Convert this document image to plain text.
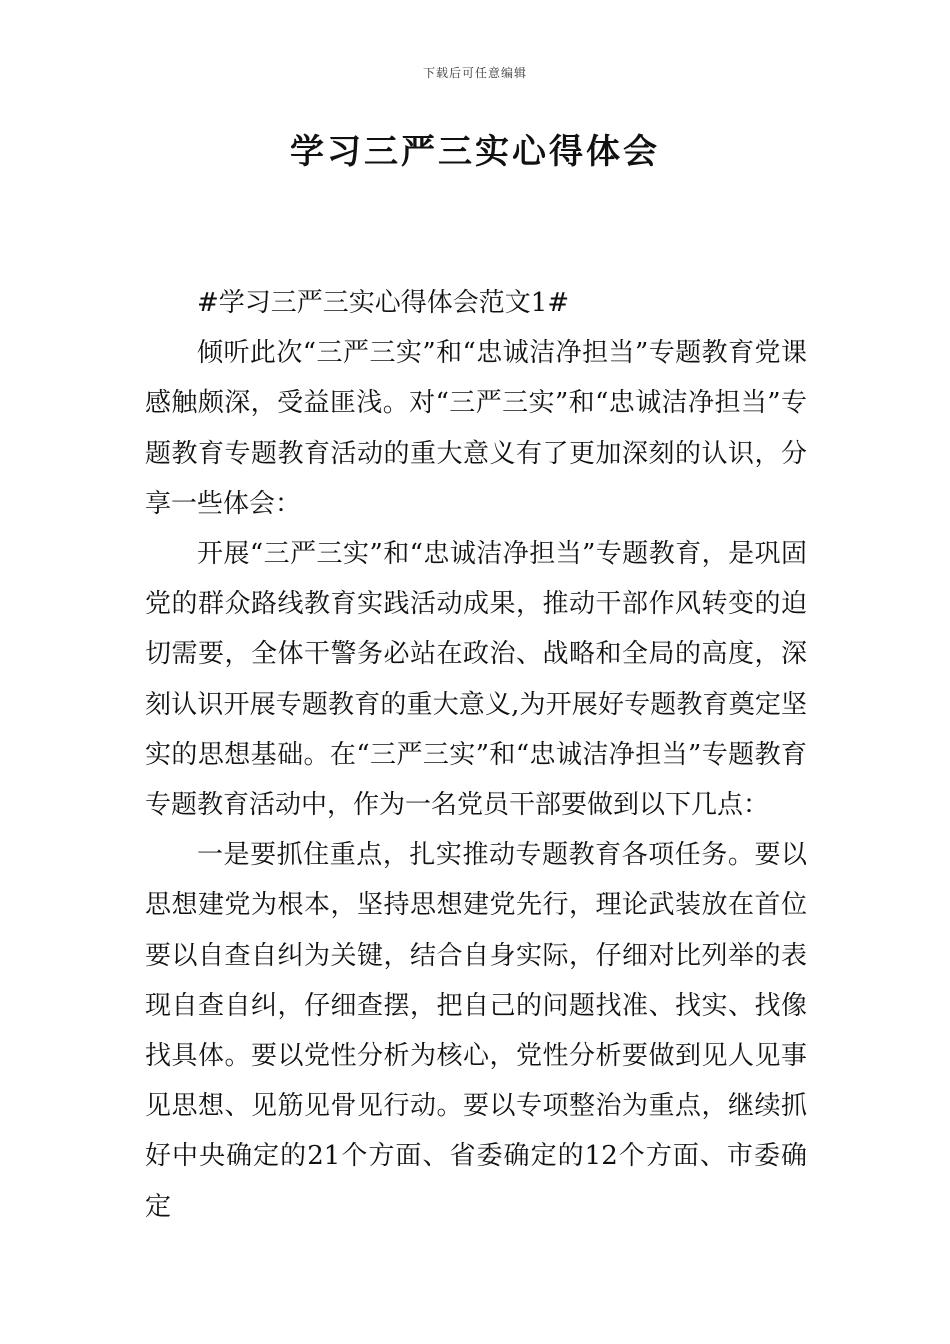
下载后可任意编辑
学习三严三实心得体会

#学习三严三实心得体会范文1#

倾听此次“三严三实”和“忠诚洁净担当”专题教育党课感触颇深，受益匪浅。对“三严三实”和“忠诚洁净担当”专题教育专题教育活动的重大意义有了更加深刻的认识，分享一些体会：

开展“三严三实”和“忠诚洁净担当”专题教育，是巩固党的群众路线教育实践活动成果，推动干部作风转变的迫切需要，全体干警务必站在政治、战略和全局的高度，深刻认识开展专题教育的重大意义,为开展好专题教育奠定坚实的思想基础。在“三严三实”和“忠诚洁净担当”专题教育专题教育活动中，作为一名党员干部要做到以下几点：

一是要抓住重点，扎实推动专题教育各项任务。要以思想建党为根本，坚持思想建党先行，理论武装放在首位要以自查自纠为关键，结合自身实际，仔细对比列举的表现自查自纠，仔细查摆，把自己的问题找准、找实、找像找具体。要以党性分析为核心，党性分析要做到见人见事见思想、见筋见骨见行动。要以专项整治为重点，继续抓好中央确定的21个方面、省委确定的12个方面、市委确定
